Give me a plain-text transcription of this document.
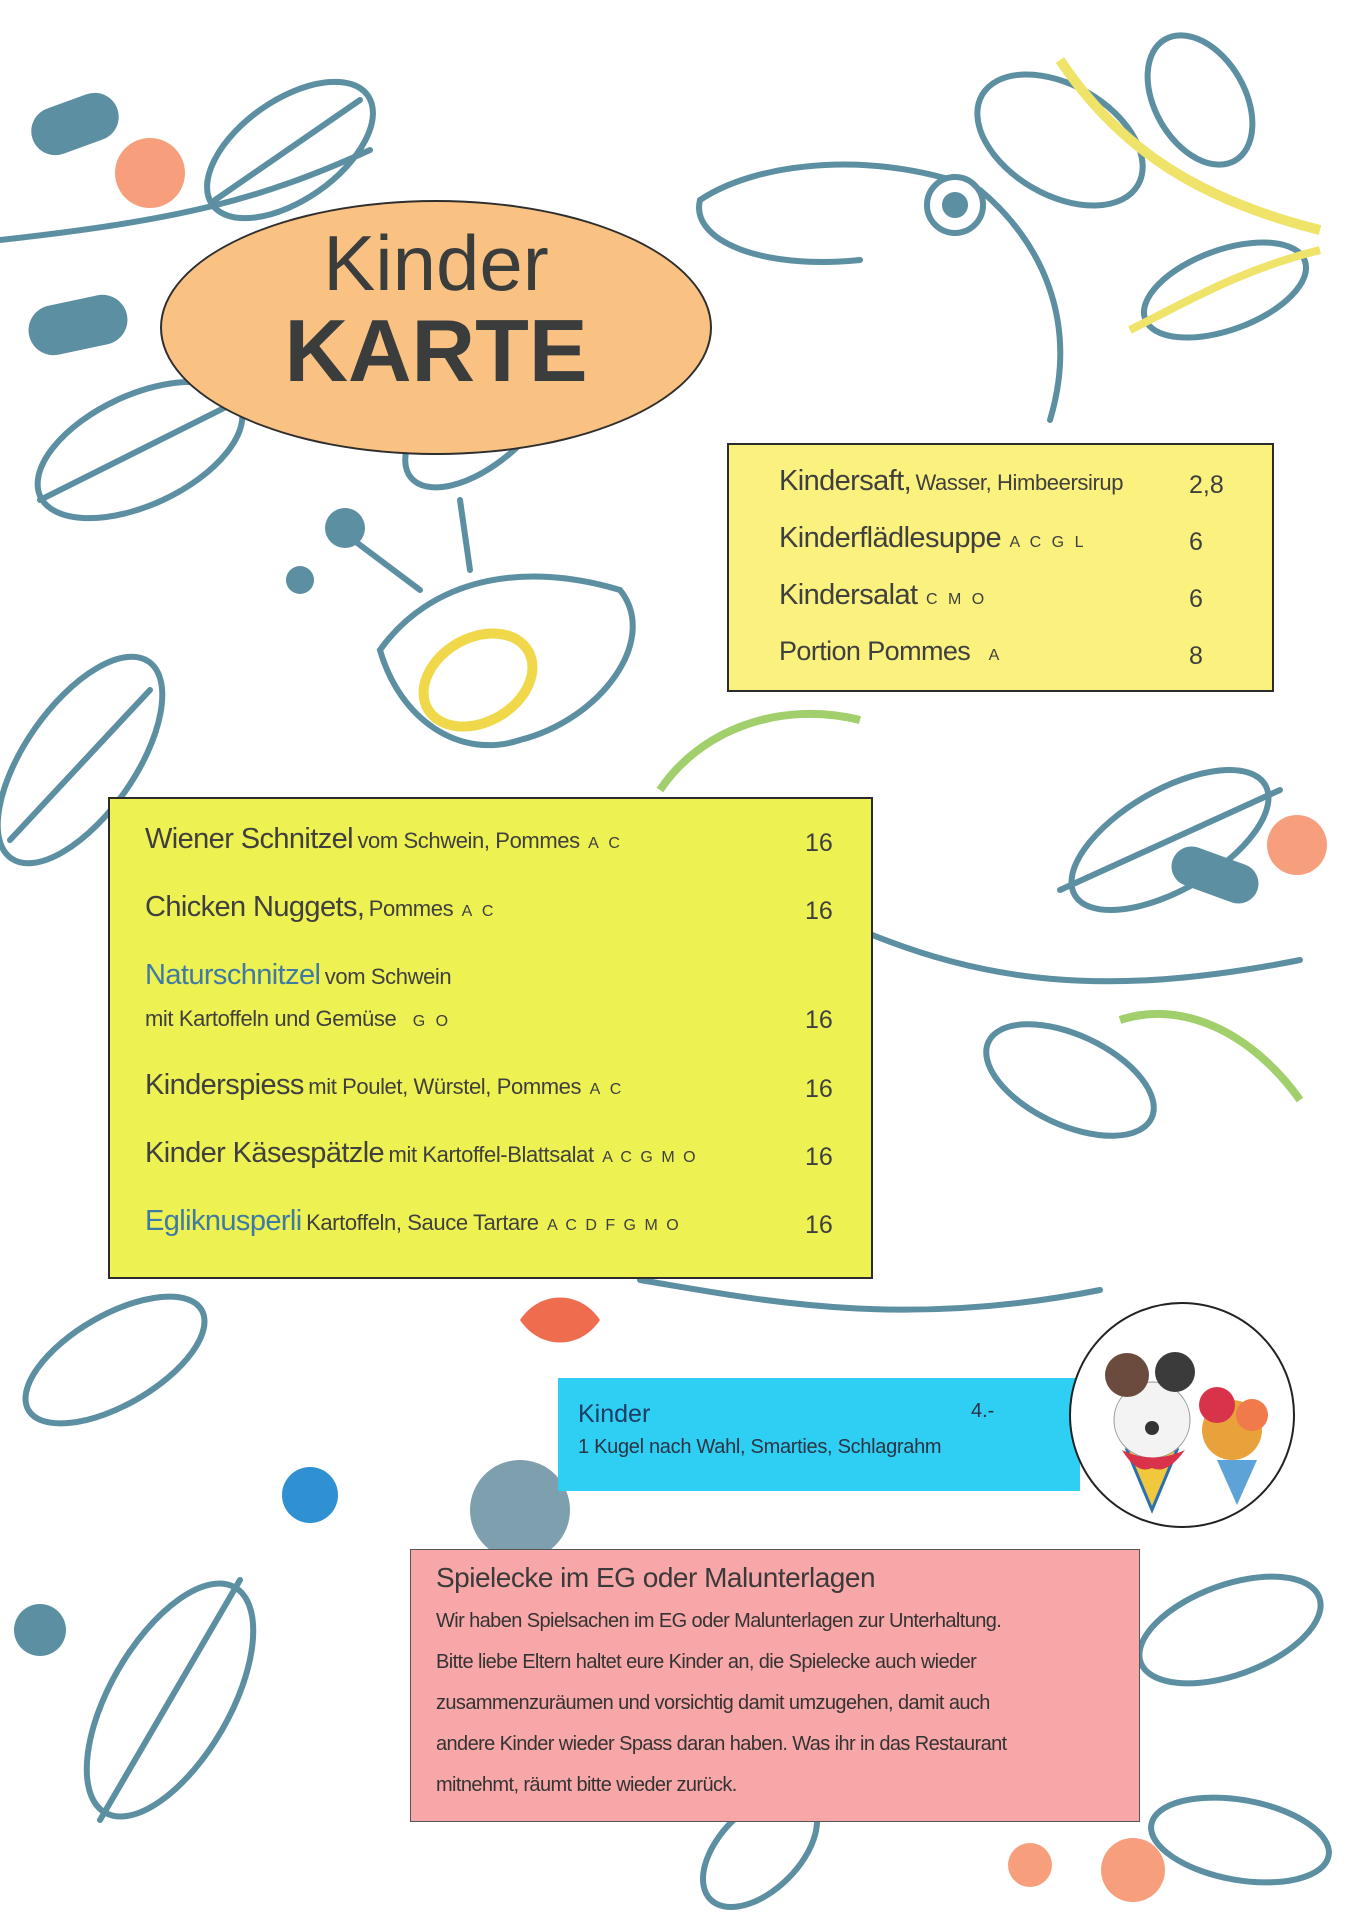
Kinder
KARTE
Kindersaft, Wasser, Himbeersirup	2,8
Kinderflädlesuppe A C G L	6
Kindersalat C M O	6
Portion Pommes A	8
Wiener Schnitzel vom Schwein, Pommes A C	16
Chicken Nuggets, Pommes A C	16
Naturschnitzel vom Schwein
mit Kartoffeln und Gemüse G O	16
Kinderspiess mit Poulet, Würstel, Pommes A C	16
Kinder Käsespätzle mit Kartoffel-Blattsalat A C G M O	16
Egliknusperli Kartoffeln, Sauce Tartare A C D F G M O	16
Kinder	4.-
1 Kugel nach Wahl, Smarties, Schlagrahm
Spielecke im EG oder Malunterlagen
Wir haben Spielsachen im EG oder Malunterlagen zur Unterhaltung.
Bitte liebe Eltern haltet eure Kinder an, die Spielecke auch wieder
zusammenzuräumen und vorsichtig damit umzugehen, damit auch
andere Kinder wieder Spass daran haben. Was ihr in das Restaurant
mitnehmt, räumt bitte wieder zurück.
